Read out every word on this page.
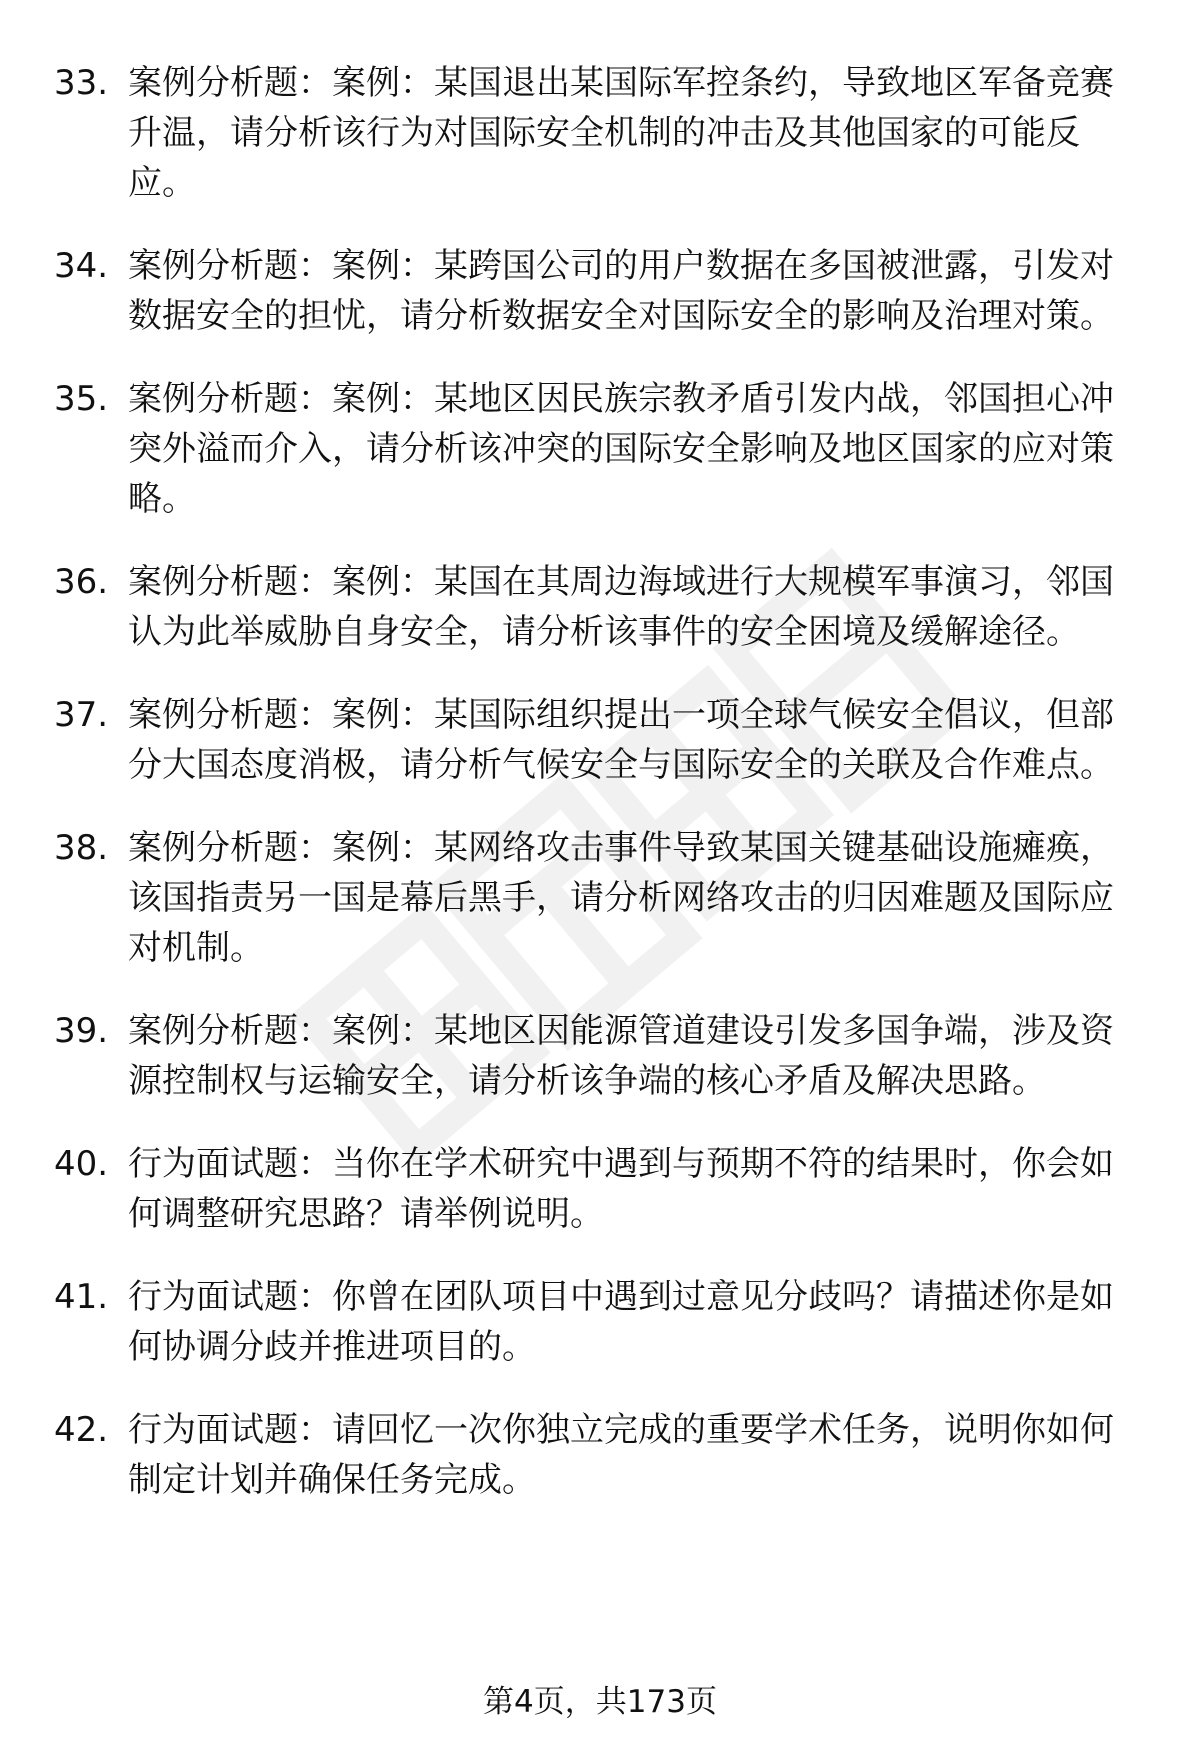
33. 案例分析题：案例：某国退出某国际军控条约，导致地区军备竞赛升温，请分析该行为对国际安全机制的冲击及其他国家的可能反应。
34. 案例分析题：案例：某跨国公司的用户数据在多国被泄露，引发对数据安全的担忧，请分析数据安全对国际安全的影响及治理对策。
35. 案例分析题：案例：某地区因民族宗教矛盾引发内战，邻国担心冲突外溢而介入，请分析该冲突的国际安全影响及地区国家的应对策略。
36. 案例分析题：案例：某国在其周边海域进行大规模军事演习，邻国认为此举威胁自身安全，请分析该事件的安全困境及缓解途径。
37. 案例分析题：案例：某国际组织提出一项全球气候安全倡议，但部分大国态度消极，请分析气候安全与国际安全的关联及合作难点。
38. 案例分析题：案例：某网络攻击事件导致某国关键基础设施瘫痪，该国指责另一国是幕后黑手，请分析网络攻击的归因难题及国际应对机制。
39. 案例分析题：案例：某地区因能源管道建设引发多国争端，涉及资源控制权与运输安全，请分析该争端的核心矛盾及解决思路。
40. 行为面试题：当你在学术研究中遇到与预期不符的结果时，你会如何调整研究思路？请举例说明。
41. 行为面试题：你曾在团队项目中遇到过意见分歧吗？请描述你是如何协调分歧并推进项目的。
42. 行为面试题：请回忆一次你独立完成的重要学术任务，说明你如何制定计划并确保任务完成。
第4页，共173页
